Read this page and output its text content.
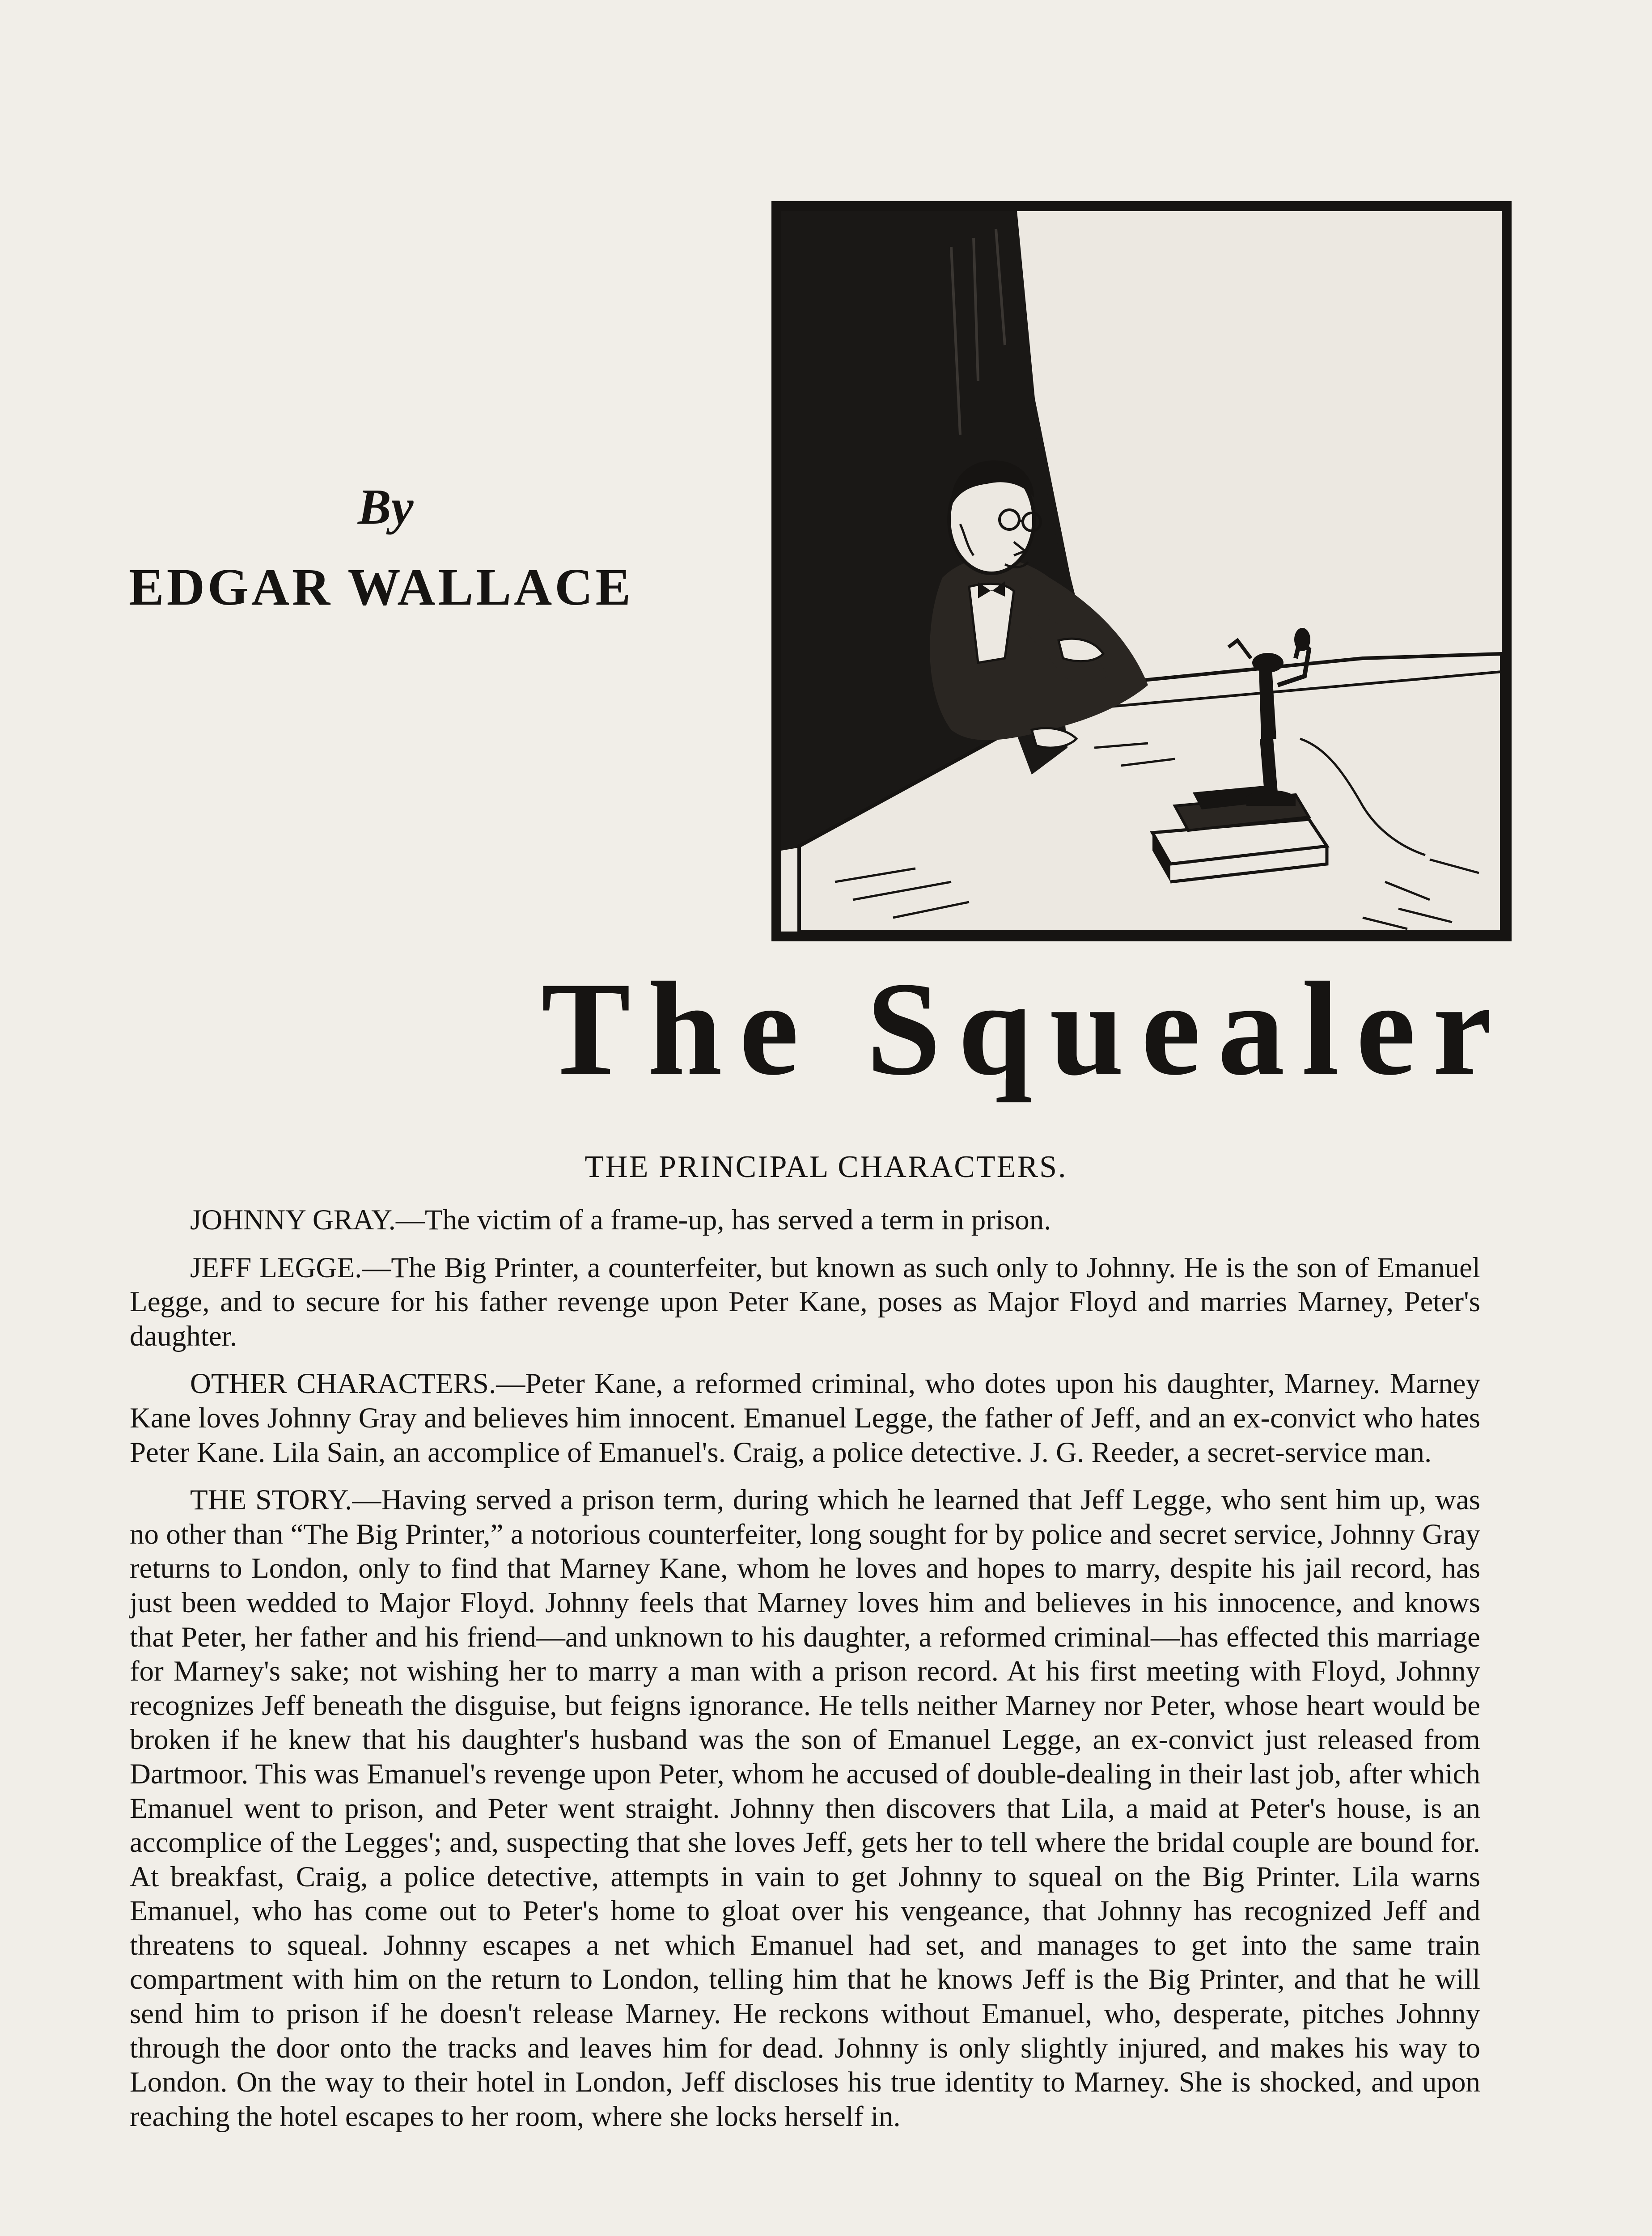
By
EDGAR WALLACE
The Squealer
THE PRINCIPAL CHARACTERS.

JOHNNY GRAY.—The victim of a frame-up, has served a term in prison.

JEFF LEGGE.—The Big Printer, a counterfeiter, but known as such only to Johnny. He is the son of Emanuel Legge, and to secure for his father revenge upon Peter Kane, poses as Major Floyd and marries Marney, Peter's daughter.

OTHER CHARACTERS.—Peter Kane, a reformed criminal, who dotes upon his daughter, Marney. Marney Kane loves Johnny Gray and believes him innocent. Emanuel Legge, the father of Jeff, and an ex-convict who hates Peter Kane. Lila Sain, an accomplice of Emanuel's. Craig, a police detective. J. G. Reeder, a secret-service man.

THE STORY.—Having served a prison term, during which he learned that Jeff Legge, who sent him up, was no other than “The Big Printer,” a notorious counterfeiter, long sought for by police and secret service, Johnny Gray returns to London, only to find that Marney Kane, whom he loves and hopes to marry, despite his jail record, has just been wedded to Major Floyd. Johnny feels that Marney loves him and believes in his innocence, and knows that Peter, her father and his friend—and unknown to his daughter, a reformed criminal—has effected this marriage for Marney's sake; not wishing her to marry a man with a prison record. At his first meeting with Floyd, Johnny recognizes Jeff beneath the disguise, but feigns ignorance. He tells neither Marney nor Peter, whose heart would be broken if he knew that his daughter's husband was the son of Emanuel Legge, an ex-convict just released from Dartmoor. This was Emanuel's revenge upon Peter, whom he accused of double-dealing in their last job, after which Emanuel went to prison, and Peter went straight. Johnny then discovers that Lila, a maid at Peter's house, is an accomplice of the Legges'; and, suspecting that she loves Jeff, gets her to tell where the bridal couple are bound for. At breakfast, Craig, a police detective, attempts in vain to get Johnny to squeal on the Big Printer. Lila warns Emanuel, who has come out to Peter's home to gloat over his vengeance, that Johnny has recognized Jeff and threatens to squeal. Johnny escapes a net which Emanuel had set, and manages to get into the same train compartment with him on the return to London, telling him that he knows Jeff is the Big Printer, and that he will send him to prison if he doesn't release Marney. He reckons without Emanuel, who, desperate, pitches Johnny through the door onto the tracks and leaves him for dead. Johnny is only slightly injured, and makes his way to London. On the way to their hotel in London, Jeff discloses his true identity to Marney. She is shocked, and upon reaching the hotel escapes to her room, where she locks herself in.
